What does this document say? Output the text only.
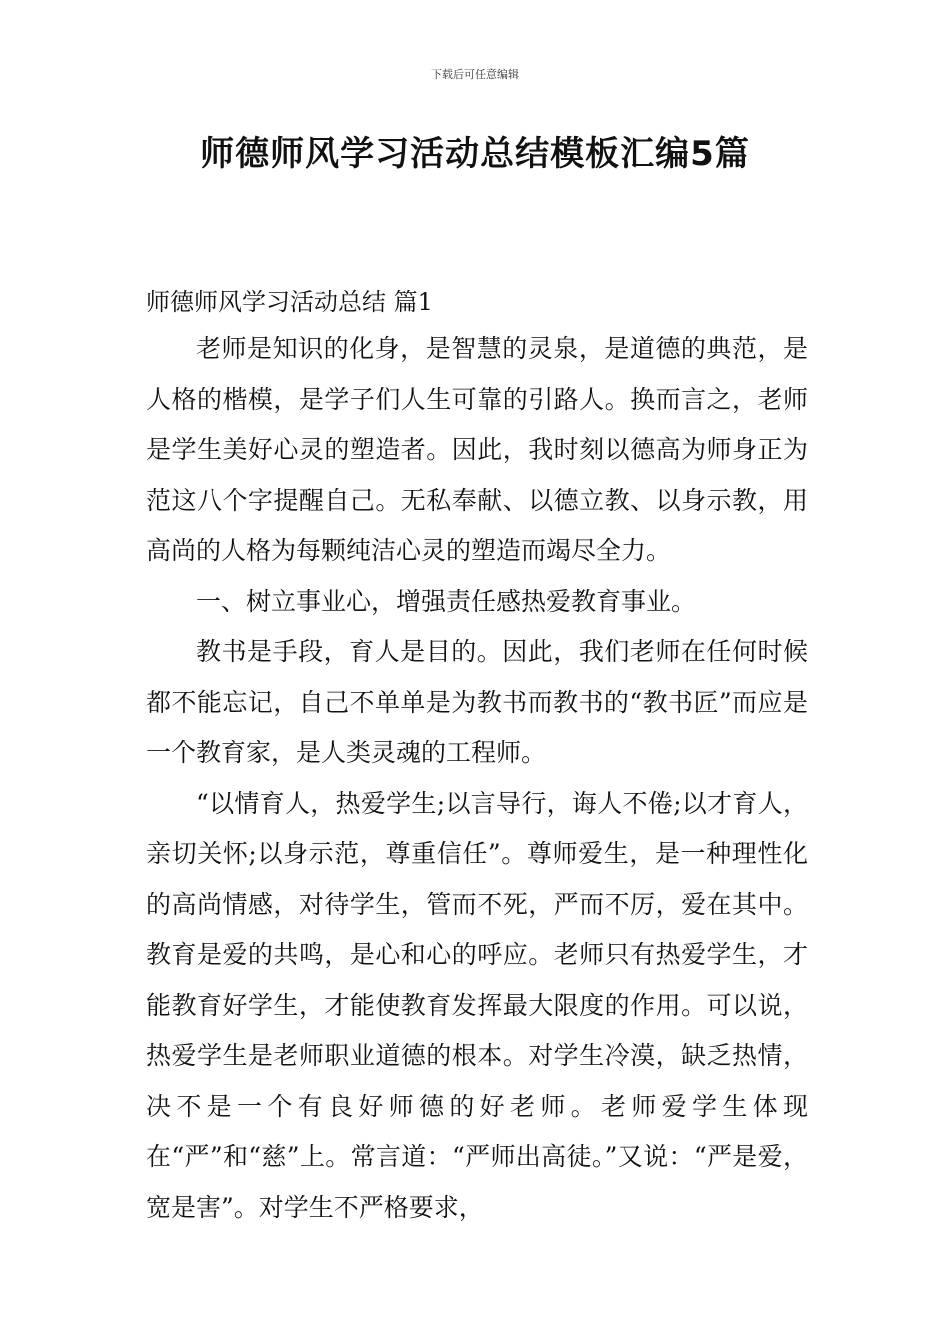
下载后可任意编辑
师德师风学习活动总结模板汇编5篇
师德师风学习活动总结 篇1

老师是知识的化身，是智慧的灵泉，是道德的典范，是人格的楷模，是学子们人生可靠的引路人。换而言之，老师是学生美好心灵的塑造者。因此，我时刻以德高为师身正为范这八个字提醒自己。无私奉献、以德立教、以身示教，用高尚的人格为每颗纯洁心灵的塑造而竭尽全力。

一、树立事业心，增强责任感热爱教育事业。

教书是手段，育人是目的。因此，我们老师在任何时候都不能忘记，自己不单单是为教书而教书的“教书匠”而应是一个教育家，是人类灵魂的工程师。

“以情育人，热爱学生;以言导行，诲人不倦;以才育人，亲切关怀;以身示范，尊重信任”。尊师爱生，是一种理性化的高尚情感，对待学生，管而不死，严而不厉，爱在其中。教育是爱的共鸣，是心和心的呼应。老师只有热爱学生，才能教育好学生，才能使教育发挥最大限度的作用。可以说，热爱学生是老师职业道德的根本。对学生冷漠，缺乏热情，决不是一个有良好师德的好老师。老师爱学生体现在“严”和“慈”上。常言道：“严师出高徒。”又说：“严是爱，宽是害”。对学生不严格要求，
